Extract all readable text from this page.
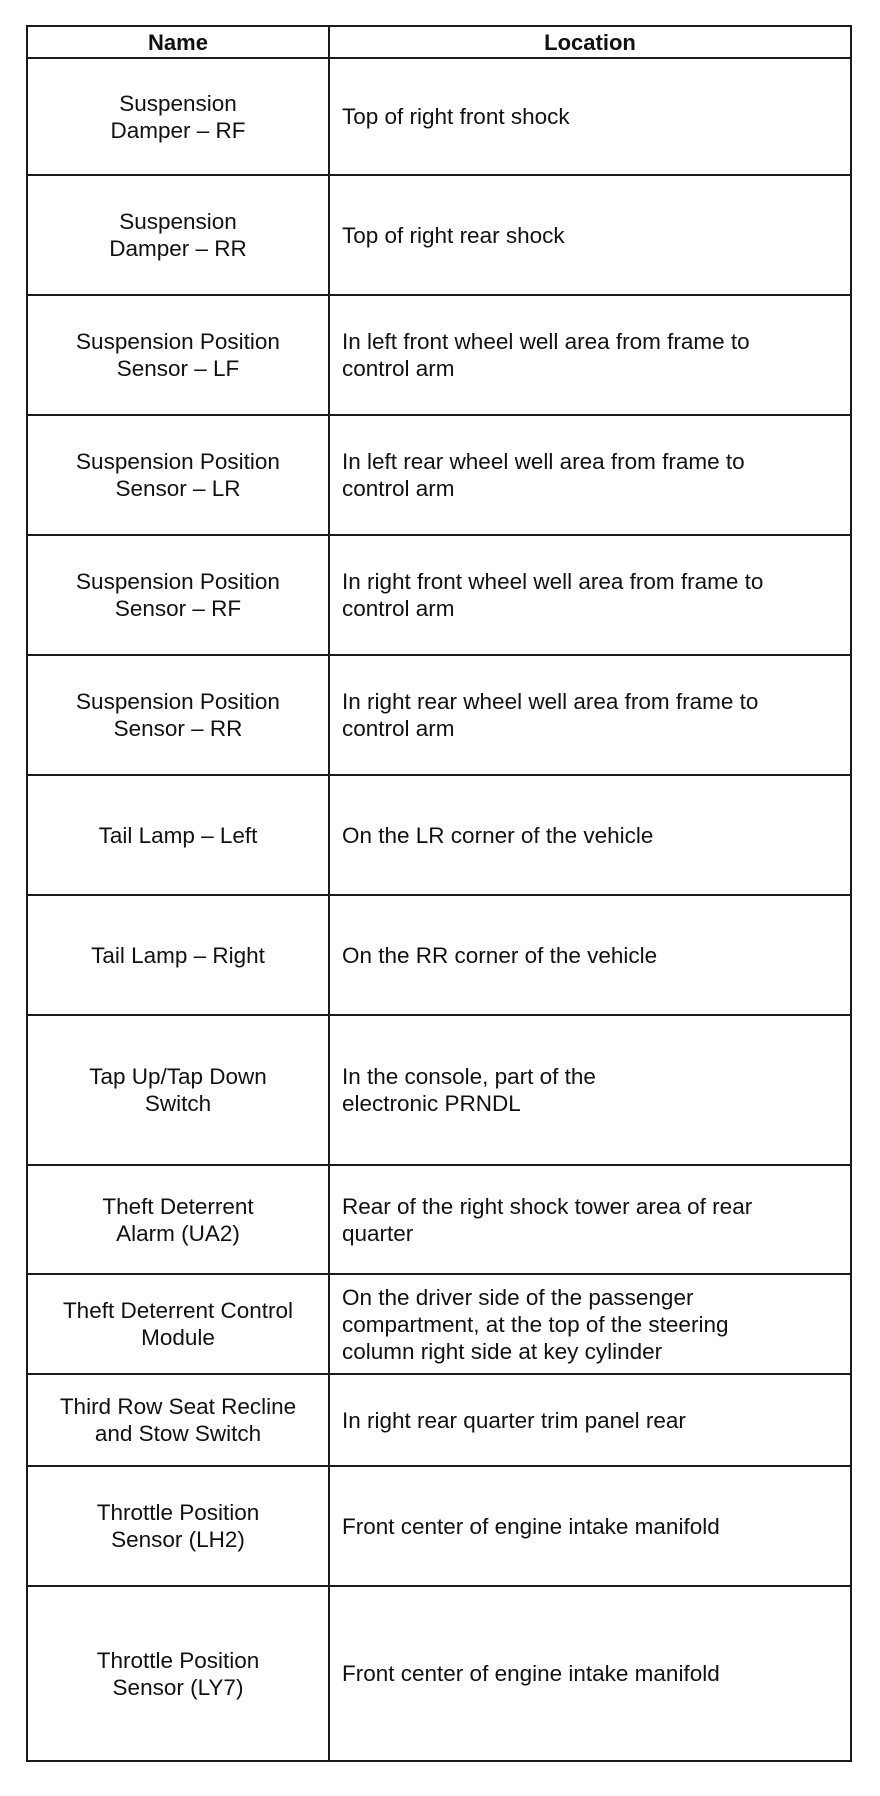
Name	Location

Suspension
Damper – RF	Top of right front shock

Suspension
Damper – RR	Top of right rear shock

Suspension Position
Sensor – LF	In left front wheel well area from frame to
control arm

Suspension Position
Sensor – LR	In left rear wheel well area from frame to
control arm

Suspension Position
Sensor – RF	In right front wheel well area from frame to
control arm

Suspension Position
Sensor – RR	In right rear wheel well area from frame to
control arm

Tail Lamp – Left	On the LR corner of the vehicle

Tail Lamp – Right	On the RR corner of the vehicle

Tap Up/Tap Down
Switch	In the console, part of the
electronic PRNDL

Theft Deterrent
Alarm (UA2)	Rear of the right shock tower area of rear
quarter

Theft Deterrent Control
Module	On the driver side of the passenger
compartment, at the top of the steering
column right side at key cylinder

Third Row Seat Recline
and Stow Switch	In right rear quarter trim panel rear

Throttle Position
Sensor (LH2)	Front center of engine intake manifold

Throttle Position
Sensor (LY7)	Front center of engine intake manifold
